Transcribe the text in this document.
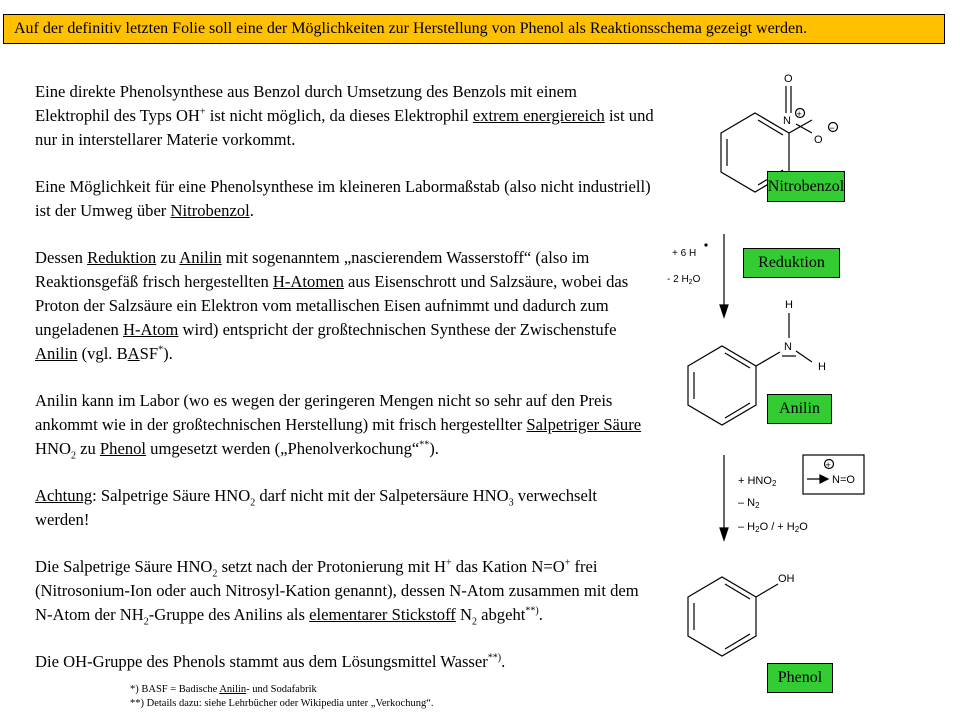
Auf der definitiv letzten Folie soll eine der Möglichkeiten zur Herstellung von Phenol als Reaktionsschema gezeigt werden.

Eine direkte Phenolsynthese aus Benzol durch Umsetzung des Benzols mit einem Elektrophil des Typs OH+ ist nicht möglich, da dieses Elektrophil extrem energiereich ist und nur in interstellarer Materie vorkommt.

Eine Möglichkeit für eine Phenolsynthese im kleineren Labormaßstab (also nicht industriell) ist der Umweg über Nitrobenzol.

Dessen Reduktion zu Anilin mit sogenanntem „nascierendem Wasserstoff“ (also im Reaktionsgefäß frisch hergestellten H-Atomen aus Eisenschrott und Salzsäure, wobei das Proton der Salzsäure ein Elektron vom metallischen Eisen aufnimmt und dadurch zum ungeladenen H-Atom wird) entspricht der großtechnischen Synthese der Zwischenstufe Anilin (vgl. BASF*).

Anilin kann im Labor (wo es wegen der geringeren Mengen nicht so sehr auf den Preis ankommt wie in der großtechnischen Herstellung) mit frisch hergestellter Salpetriger Säure $HNO_2$ zu Phenol umgesetzt werden („Phenolverkochung“**).

Achtung: Salpetrige Säure $HNO_2$ darf nicht mit der Salpetersäure $HNO_3$ verwechselt werden!

Die Salpetrige Säure $HNO_2$ setzt nach der Protonierung mit H+ das Kation N=O+ frei (Nitrosonium-Ion oder auch Nitrosyl-Kation genannt), dessen N-Atom zusammen mit dem N-Atom der $NH_2$-Gruppe des Anilins als elementarer Stickstoff $N_2$ abgeht**).

Die OH-Gruppe des Phenols stammt aus dem Lösungsmittel Wasser**).

*) BASF = Badische Anilin- und Sodafabrik
**) Details dazu: siehe Lehrbücher oder Wikipedia unter „Verkochung“.
O
N
+
O
−
+ 6 H
- 2 $H_2O$
H
N
H
+ HNO2
– N2
– H2O / + H2O
N=O
+
OH
Nitrobenzol
Reduktion
Anilin
Phenol
